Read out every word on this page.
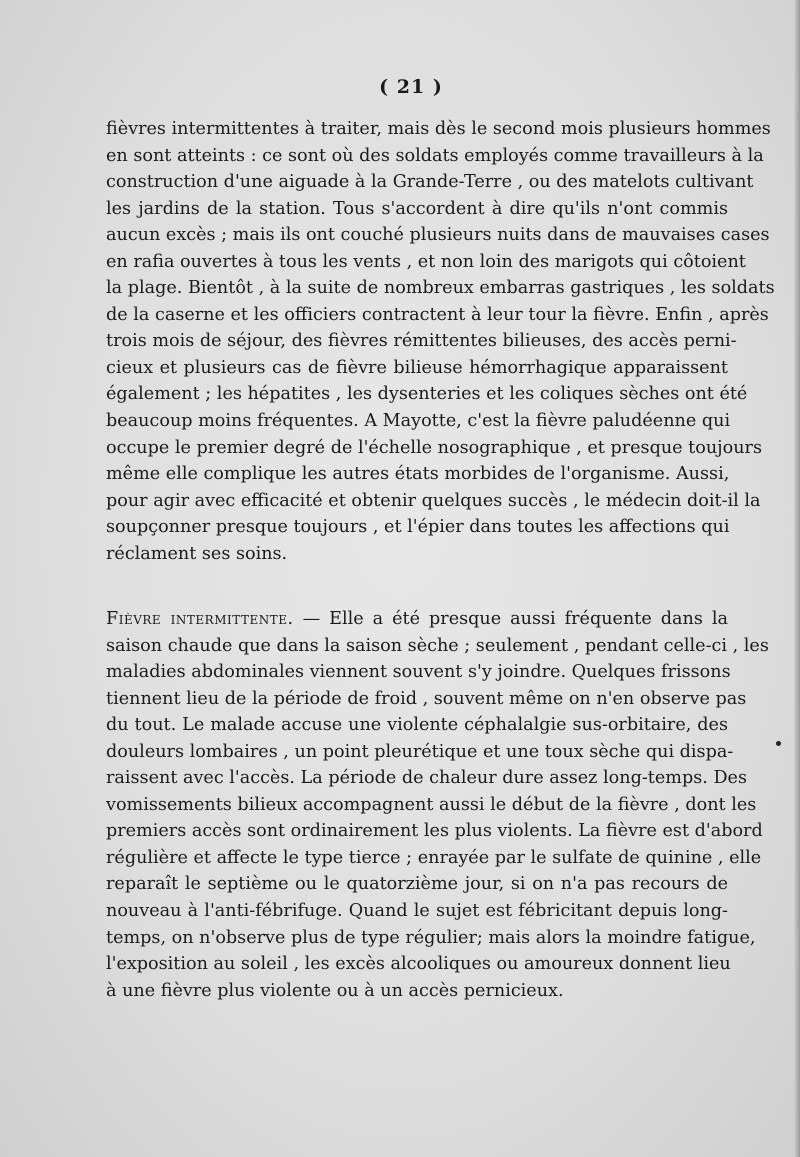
( 21 )
fièvres intermittentes à traiter, mais dès le second mois plusieurs hommes
en sont atteints : ce sont où des soldats employés comme travailleurs à la
construction d'une aiguade à la Grande-Terre , ou des matelots cultivant
les jardins de la station. Tous s'accordent à dire qu'ils n'ont commis
aucun excès ; mais ils ont couché plusieurs nuits dans de mauvaises cases
en rafia ouvertes à tous les vents , et non loin des marigots qui côtoient
la plage. Bientôt , à la suite de nombreux embarras gastriques , les soldats
de la caserne et les officiers contractent à leur tour la fièvre. Enfin , après
trois mois de séjour, des fièvres rémittentes bilieuses, des accès perni-
cieux et plusieurs cas de fièvre bilieuse hémorrhagique apparaissent
également ; les hépatites , les dysenteries et les coliques sèches ont été
beaucoup moins fréquentes. A Mayotte, c'est la fièvre paludéenne qui
occupe le premier degré de l'échelle nosographique , et presque toujours
même elle complique les autres états morbides de l'organisme. Aussi,
pour agir avec efficacité et obtenir quelques succès , le médecin doit-il la
soupçonner presque toujours , et l'épier dans toutes les affections qui
réclament ses soins.
Fièvre intermittente. — Elle a été presque aussi fréquente dans la
saison chaude que dans la saison sèche ; seulement , pendant celle-ci , les
maladies abdominales viennent souvent s'y joindre. Quelques frissons
tiennent lieu de la période de froid , souvent même on n'en observe pas
du tout. Le malade accuse une violente céphalalgie sus-orbitaire, des
douleurs lombaires , un point pleurétique et une toux sèche qui dispa-
raissent avec l'accès. La période de chaleur dure assez long-temps. Des
vomissements bilieux accompagnent aussi le début de la fièvre , dont les
premiers accès sont ordinairement les plus violents. La fièvre est d'abord
régulière et affecte le type tierce ; enrayée par le sulfate de quinine , elle
reparaît le septième ou le quatorzième jour, si on n'a pas recours de
nouveau à l'anti-fébrifuge. Quand le sujet est fébricitant depuis long-
temps, on n'observe plus de type régulier; mais alors la moindre fatigue,
l'exposition au soleil , les excès alcooliques ou amoureux donnent lieu
à une fièvre plus violente ou à un accès pernicieux.
